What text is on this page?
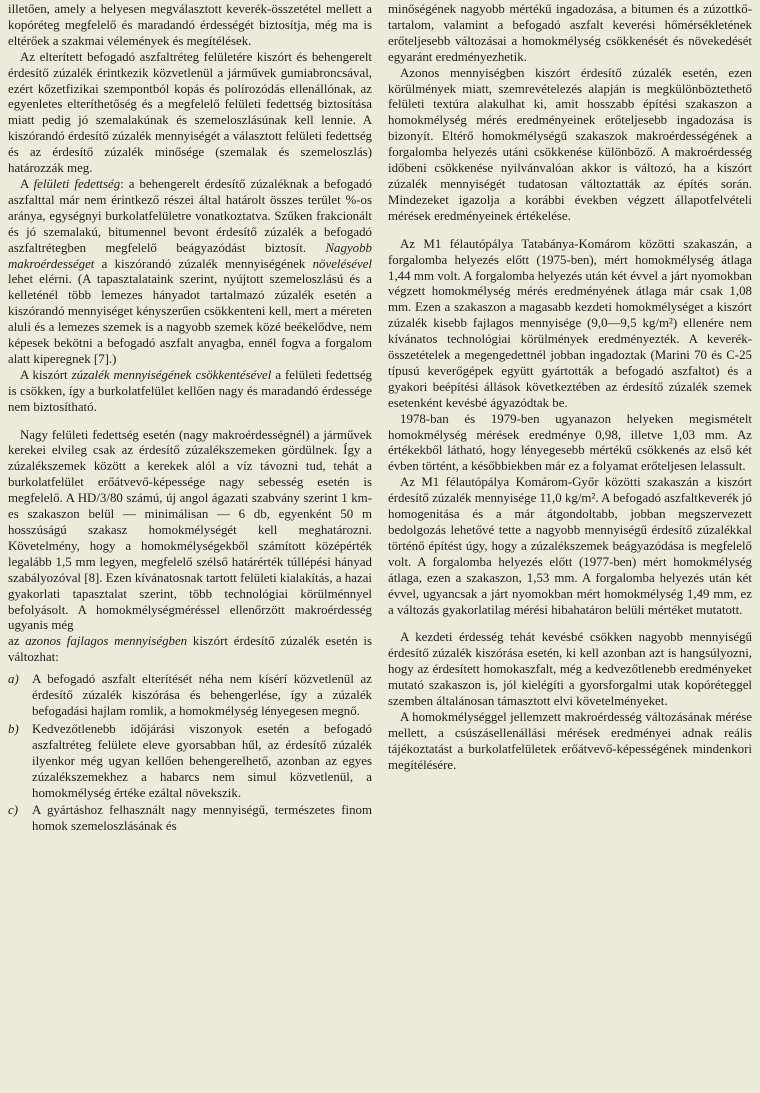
illetően, amely a helyesen megválasztott keverék-összetétel mellett a kopóréteg megfelelő és maradandó érdességét biztosítja, még ma is eltérőek a szakmai vélemények és megítélések.

Az elterített befogadó aszfaltréteg felületére kiszórt és behengerelt érdesítő zúzalék érintkezik közvetlenül a járművek gumiabroncsával, ezért kőzetfizikai szempontból kopás és polírozódás ellenállónak, az egyenletes elteríthetőség és a megfelelő felületi fedettség biztosítása miatt pedig jó szemalakúnak és szemeloszlásúnak kell lennie. A kiszórandó érdesítő zúzalék mennyiségét a választott felületi fedettség és az érdesítő zúzalék minősége (szemalak és szemeloszlás) határozzák meg.

A felületi fedettség: a behengerelt érdesítő zúzaléknak a befogadó aszfalttal már nem érintkező részei által határolt összes terület %-os aránya, egységnyi burkolatfelületre vonatkoztatva. Szűken frakcionált és jó szemalakú, bitumennel bevont érdesítő zúzalék a befogadó aszfaltrétegben megfelelő beágyazódást biztosít. Nagyobb makroérdességet a kiszórandó zúzalék mennyiségének növelésével lehet elérni. (A tapasztalataink szerint, nyújtott szemeloszlású és a kelleténél több lemezes hányadot tartalmazó zúzalék esetén a kiszórandó mennyiséget kényszerűen csökkenteni kell, mert a méreten aluli és a lemezes szemek is a nagyobb szemek közé beékelődve, nem képesek bekötni a befogadó aszfalt anyagba, ennél fogva a forgalom alatt kiperegnek [7].)

A kiszórt zúzalék mennyiségének csökkentésével a felületi fedettség is csökken, így a burkolatfelület kellően nagy és maradandó érdessége nem biztosítható.

Nagy felületi fedettség esetén (nagy makroérdességnél) a járművek kerekei elvileg csak az érdesítő zúzalékszemeken gördülnek. Így a zúzalékszemek között a kerekek alól a víz távozni tud, tehát a burkolatfelület erőátvevő-képessége nagy sebesség esetén is megfelelő. A HD/3/80 számú, új angol ágazati szabvány szerint 1 km-es szakaszon belül — minimálisan — 6 db, egyenként 50 m hosszúságú szakasz homokmélységét kell meghatározni. Követelmény, hogy a homokmélységekből számított középérték legalább 1,5 mm legyen, megfelelő szélső határérték túllépési hányad szabályozóval [8]. Ezen kívánatosnak tartott felületi kialakítás, a hazai gyakorlati tapasztalat szerint, több technológiai körülménnyel befolyásolt. A homokmélységméréssel ellenőrzött makroérdesség ugyanis még

az azonos fajlagos mennyiségben kiszórt érdesítő zúzalék esetén is változhat:

a)	A befogadó aszfalt elterítését néha nem kísérí közvetlenül az érdesítő zúzalék kiszórása és behengerlése, így a zúzalék befogadási hajlam romlik, a homokmélység lényegesen megnő.
b)	Kedvezőtlenebb időjárási viszonyok esetén a befogadó aszfaltréteg felülete eleve gyorsabban hűl, az érdesítő zúzalék ilyenkor még ugyan kellően behengerelhető, azonban az egyes zúzalékszemekhez a habarcs nem simul közvetlenül, a homokmélység értéke ezáltal növekszik.
c)	A gyártáshoz felhasznált nagy mennyiségű, természetes finom homok szemeloszlásának és

minőségének nagyobb mértékű ingadozása, a bitumen és a zúzottkő-tartalom, valamint a befogadó aszfalt keverési hőmérsékletének erőteljesebb változásai a homokmélység csökkenését és növekedését egyaránt eredményezhetik.

Azonos mennyiségben kiszórt érdesítő zúzalék esetén, ezen körülmények miatt, szemrevételezés alapján is megkülönböztethető felületi textúra alakulhat ki, amit hosszabb építési szakaszon a homokmélység mérés eredményeinek erőteljesebb ingadozása is bizonyít. Eltérő homokmélységű szakaszok makroérdességének a forgalomba helyezés utáni csökkenése különböző. A makroérdesség időbeni csökkenése nyilvánvalóan akkor is változó, ha a kiszórt zúzalék mennyiségét tudatosan változtatták az építés során. Mindezeket igazolja a korábbi években végzett állapotfelvételi mérések eredményeinek értékelése.

Az M1 félautópálya Tatabánya-Komárom közötti szakaszán, a forgalomba helyezés előtt (1975-ben), mért homokmélység átlaga 1,44 mm volt. A forgalomba helyezés után két évvel a járt nyomokban végzett homokmélység mérés eredményének átlaga már csak 1,08 mm. Ezen a szakaszon a magasabb kezdeti homokmélységet a kiszórt zúzalék kisebb fajlagos mennyisége (9,0—9,5 kg/m²) ellenére nem kívánatos technológiai körülmények eredményezték. A keverék-összetételek a megengedettnél jobban ingadoztak (Marini 70 és C-25 típusú keverőgépek együtt gyártották a befogadó aszfaltot) és a gyakori beépítési állások következtében az érdesítő zúzalék szemek esetenként kevésbé ágyazódtak be.

1978-ban és 1979-ben ugyanazon helyeken megismételt homokmélység mérések eredménye 0,98, illetve 1,03 mm. Az értékekből látható, hogy lényegesebb mértékű csökkenés az első két évben történt, a későbbiekben már ez a folyamat erőteljesen lelassult.

Az M1 félautópálya Komárom-Győr közötti szakaszán a kiszórt érdesítő zúzalék mennyisége 11,0 kg/m². A befogadó aszfaltkeverék jó homogenitása és a már átgondoltabb, jobban megszervezett bedolgozás lehetővé tette a nagyobb mennyiségű érdesítő zúzalékkal történő építést úgy, hogy a zúzalékszemek beágyazódása is megfelelő volt. A forgalomba helyezés előtt (1977-ben) mért homokmélység átlaga, ezen a szakaszon, 1,53 mm. A forgalomba helyezés után két évvel, ugyancsak a járt nyomokban mért homokmélység 1,49 mm, ez a változás gyakorlatilag mérési hibahatáron belüli mértéket mutatott.

A kezdeti érdesség tehát kevésbé csökken nagyobb mennyiségű érdesítő zúzalék kiszórása esetén, ki kell azonban azt is hangsúlyozni, hogy az érdesített homokaszfalt, még a kedvezőtlenebb eredményeket mutató szakaszon is, jól kielégíti a gyorsforgalmi utak kopóréteggel szemben általánosan támasztott elvi követelményeket.

A homokmélységgel jellemzett makroérdesség változásának mérése mellett, a csúszásellenállási mérések eredményei adnak reális tájékoztatást a burkolatfelületek erőátvevő-képességének mindenkori megítélésére.
